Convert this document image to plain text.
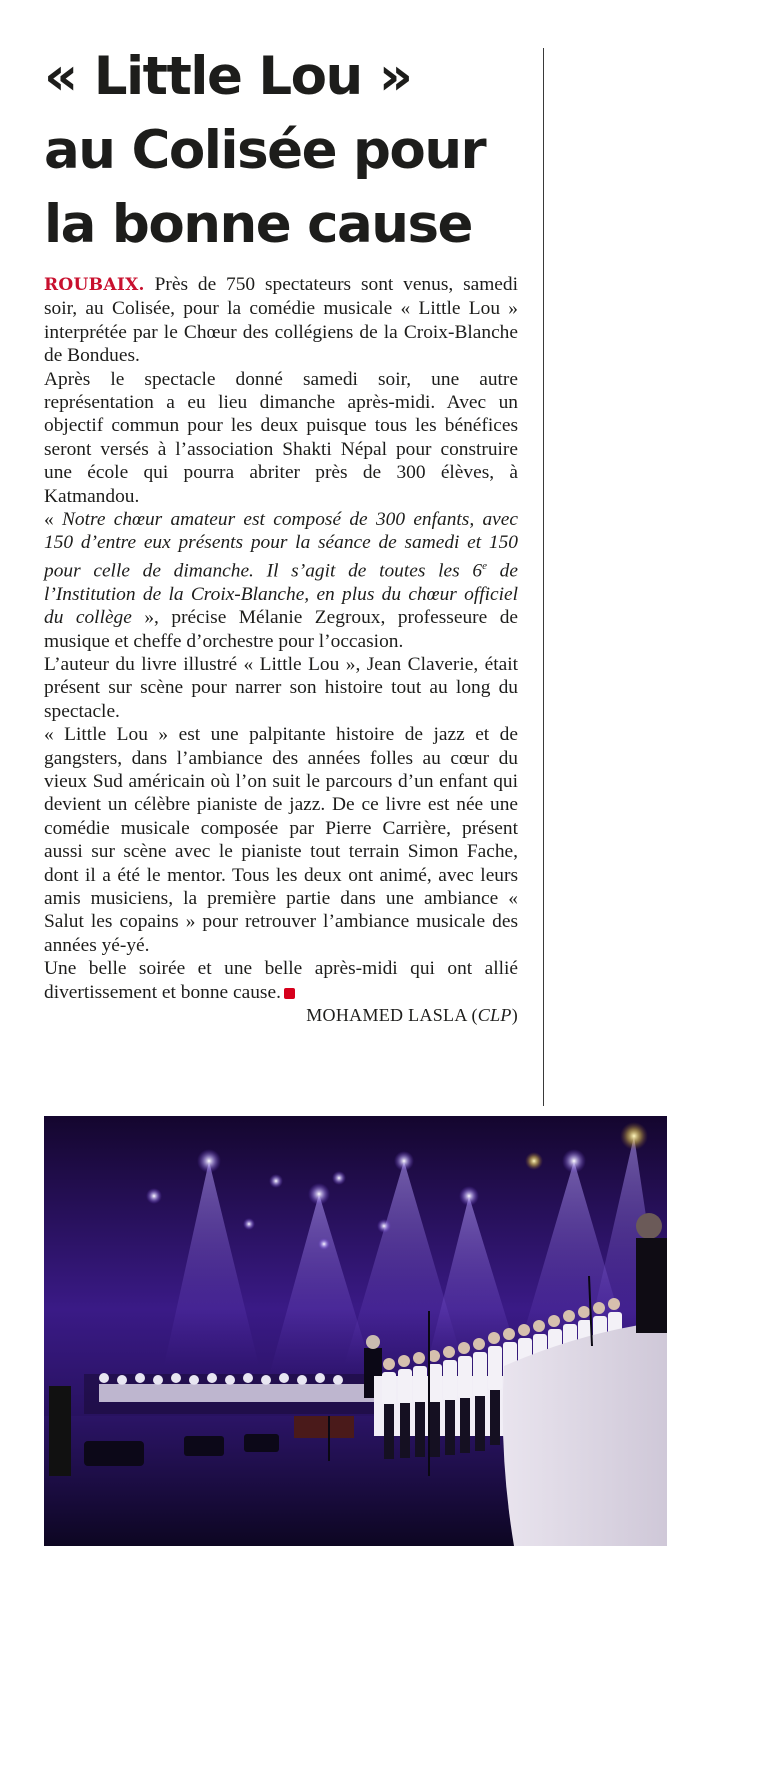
« Little Lou »
au Colisée pour
la bonne cause

ROUBAIX. Près de 750 spectateurs sont venus, samedi soir, au Colisée, pour la comédie musicale « Little Lou » interprétée par le Chœur des collégiens de la Croix-Blanche de Bondues.

Après le spectacle donné samedi soir, une autre représentation a eu lieu dimanche après-midi. Avec un objectif commun pour les deux puisque tous les bénéfices seront versés à l’association Shakti Népal pour construire une école qui pourra abriter près de 300 élèves, à Katmandou.

« Notre chœur amateur est composé de 300 enfants, avec 150 d’entre eux présents pour la séance de samedi et 150 pour celle de dimanche. Il s’agit de toutes les 6e de l’Institution de la Croix-Blanche, en plus du chœur officiel du collège », précise Mélanie Zegroux, professeure de musique et cheffe d’orchestre pour l’occasion.

L’auteur du livre illustré « Little Lou », Jean Claverie, était présent sur scène pour narrer son histoire tout au long du spectacle.

« Little Lou » est une palpitante histoire de jazz et de gangsters, dans l’ambiance des années folles au cœur du vieux Sud américain où l’on suit le parcours d’un enfant qui devient un célèbre pianiste de jazz. De ce livre est née une comédie musicale composée par Pierre Carrière, présent aussi sur scène avec le pianiste tout terrain Simon Fache, dont il a été le mentor. Tous les deux ont animé, avec leurs amis musiciens, la première partie dans une ambiance « Salut les copains » pour retrouver l’ambiance musicale des années yé-yé.

Une belle soirée et une belle après-midi qui ont allié divertissement et bonne cause.

MOHAMED LASLA (CLP)
